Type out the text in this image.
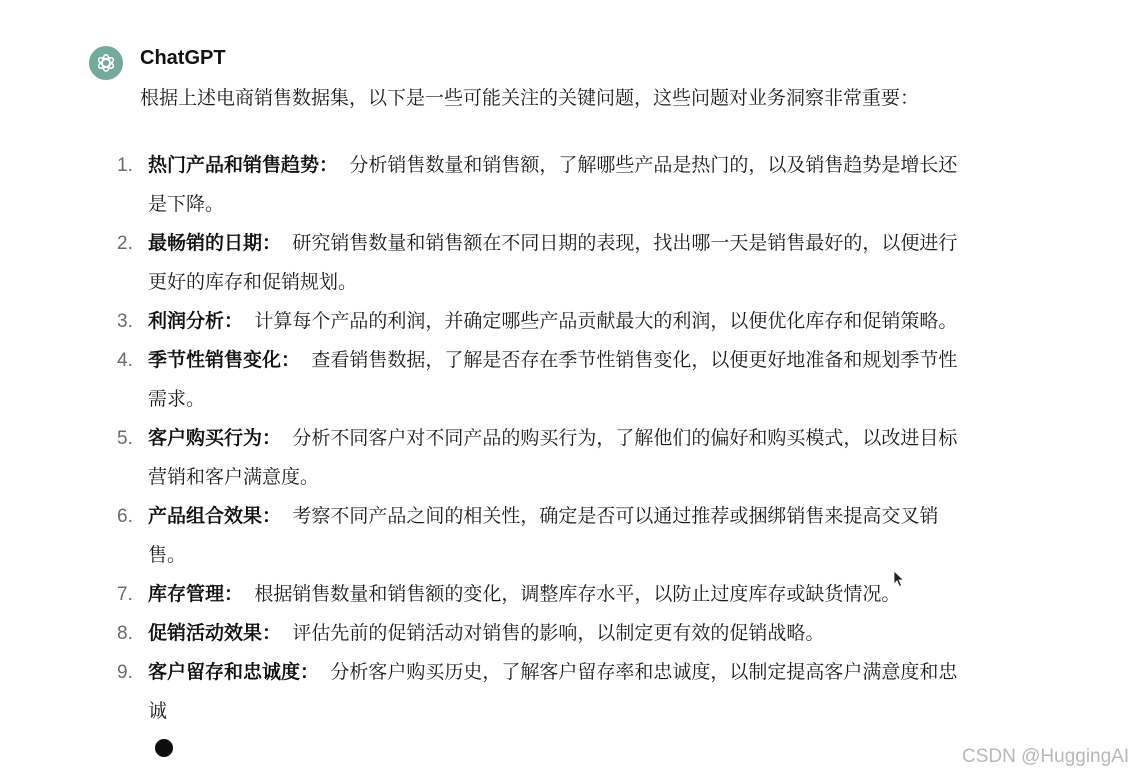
ChatGPT
根据上述电商销售数据集，以下是一些可能关注的关键问题，这些问题对业务洞察非常重要：
1. 热门产品和销售趋势： 分析销售数量和销售额，了解哪些产品是热门的，以及销售趋势是增长还
是下降。
2. 最畅销的日期： 研究销售数量和销售额在不同日期的表现，找出哪一天是销售最好的，以便进行
更好的库存和促销规划。
3. 利润分析： 计算每个产品的利润，并确定哪些产品贡献最大的利润，以便优化库存和促销策略。
4. 季节性销售变化： 查看销售数据，了解是否存在季节性销售变化，以便更好地准备和规划季节性
需求。
5. 客户购买行为： 分析不同客户对不同产品的购买行为，了解他们的偏好和购买模式，以改进目标
营销和客户满意度。
6. 产品组合效果： 考察不同产品之间的相关性，确定是否可以通过推荐或捆绑销售来提高交叉销
售。
7. 库存管理： 根据销售数量和销售额的变化，调整库存水平，以防止过度库存或缺货情况。
8. 促销活动效果： 评估先前的促销活动对销售的影响，以制定更有效的促销战略。
9. 客户留存和忠诚度： 分析客户购买历史，了解客户留存率和忠诚度，以制定提高客户满意度和忠
诚
CSDN @HuggingAI
